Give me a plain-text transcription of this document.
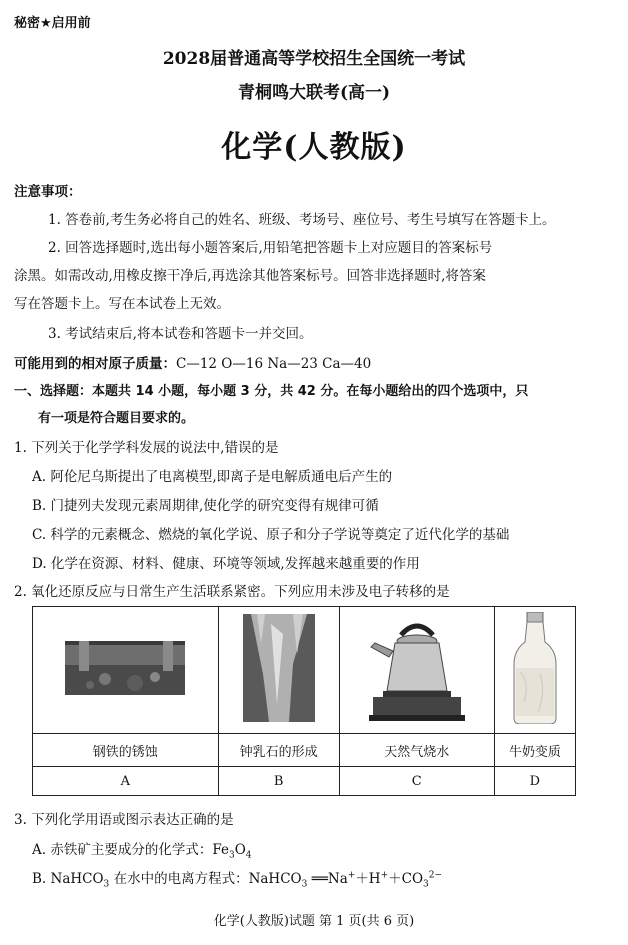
秘密★启用前
2028届普通高等学校招生全国统一考试
青桐鸣大联考(高一)
化学(人教版)
注意事项：
1. 答卷前,考生务必将自己的姓名、班级、考场号、座位号、考生号填写在答题卡上。
2. 回答选择题时,选出每小题答案后,用铅笔把答题卡上对应题目的答案标号
涂黑。如需改动,用橡皮擦干净后,再选涂其他答案标号。回答非选择题时,将答案
写在答题卡上。写在本试卷上无效。
3. 考试结束后,将本试卷和答题卡一并交回。
可能用到的相对原子质量：C—12 O—16 Na—23 Ca—40
一、选择题：本题共 14 小题，每小题 3 分，共 42 分。在每小题给出的四个选项中，只
有一项是符合题目要求的。
1. 下列关于化学学科发展的说法中,错误的是
A. 阿伦尼乌斯提出了电离模型,即离子是电解质通电后产生的
B. 门捷列夫发现元素周期律,使化学的研究变得有规律可循
C. 科学的元素概念、燃烧的氧化学说、原子和分子学说等奠定了近代化学的基础
D. 化学在资源、材料、健康、环境等领域,发挥越来越重要的作用
2. 氧化还原反应与日常生产生活联系紧密。下列应用未涉及电子转移的是

钢铁的锈蚀	钟乳石的形成	天然气烧水	牛奶变质
A	B	C	D
3. 下列化学用语或图示表达正确的是
A. 赤铁矿主要成分的化学式：$Fe_3O_4$
B. NaHCO$_3$ 在水中的电离方程式：NaHCO$_3$ $══Na^++H^++CO_3^{2-}$
化学(人教版)试题 第 1 页(共 6 页)
